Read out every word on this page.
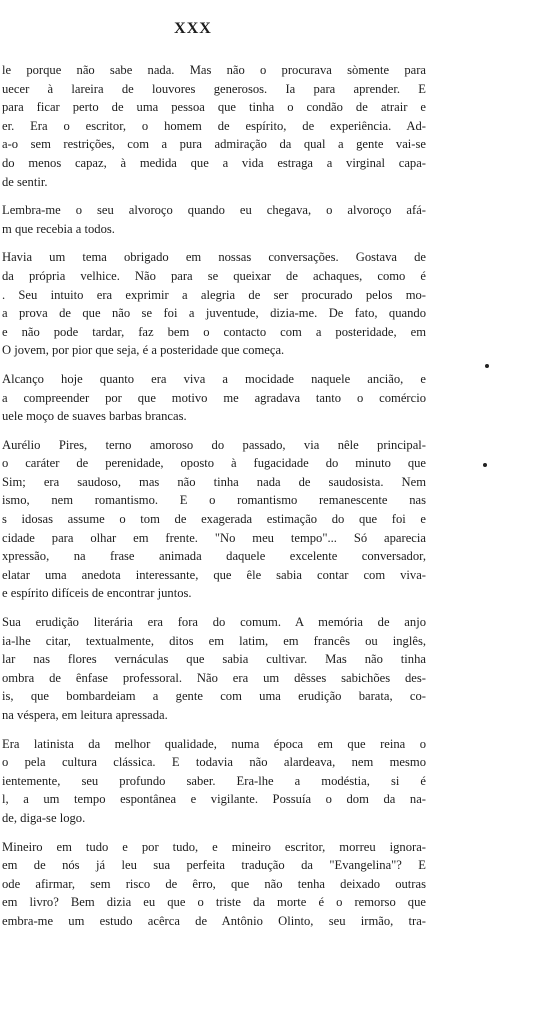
XXX
le porque não sabe nada. Mas não o procurava sòmente para
uecer à lareira de louvores generosos. Ia para aprender. E
para ficar perto de uma pessoa que tinha o condão de atrair e
er. Era o escritor, o homem de espírito, de experiência. Ad-
a-o sem restrições, com a pura admiração da qual a gente vai-se
do menos capaz, à medida que a vida estraga a virginal capa-
de sentir.
Lembra-me o seu alvoroço quando eu chegava, o alvoroço afá-
m que recebia a todos.
Havia um tema obrigado em nossas conversações. Gostava de
da própria velhice. Não para se queixar de achaques, como é
. Seu intuito era exprimir a alegria de ser procurado pelos mo-
a prova de que não se foi a juventude, dizia-me. De fato, quando
e não pode tardar, faz bem o contacto com a posteridade, em
O jovem, por pior que seja, é a posteridade que começa.
Alcanço hoje quanto era viva a mocidade naquele ancião, e
a compreender por que motivo me agradava tanto o comércio
uele moço de suaves barbas brancas.
Aurélio Pires, terno amoroso do passado, via nêle principal-
o caráter de perenidade, oposto à fugacidade do minuto que
Sim; era saudoso, mas não tinha nada de saudosista. Nem
ismo, nem romantismo. E o romantismo remanescente nas
s idosas assume o tom de exagerada estimação do que foi e
cidade para olhar em frente. "No meu tempo"... Só aparecia
xpressão, na frase animada daquele excelente conversador,
elatar uma anedota interessante, que êle sabia contar com viva-
e espírito difíceis de encontrar juntos.
Sua erudição literária era fora do comum. A memória de anjo
ia-lhe citar, textualmente, ditos em latim, em francês ou inglês,
lar nas flores vernáculas que sabia cultivar. Mas não tinha
ombra de ênfase professoral. Não era um dêsses sabichões des-
is, que bombardeiam a gente com uma erudição barata, co-
na véspera, em leitura apressada.
Era latinista da melhor qualidade, numa época em que reina o
o pela cultura clássica. E todavia não alardeava, nem mesmo
ientemente, seu profundo saber. Era-lhe a modéstia, si é
l, a um tempo espontânea e vigilante. Possuía o dom da na-
de, diga-se logo.
Mineiro em tudo e por tudo, e mineiro escritor, morreu ignora-
em de nós já leu sua perfeita tradução da "Evangelina"? E
ode afirmar, sem risco de êrro, que não tenha deixado outras
em livro? Bem dizia eu que o triste da morte é o remorso que
embra-me um estudo acêrca de Antônio Olinto, seu irmão, tra-
